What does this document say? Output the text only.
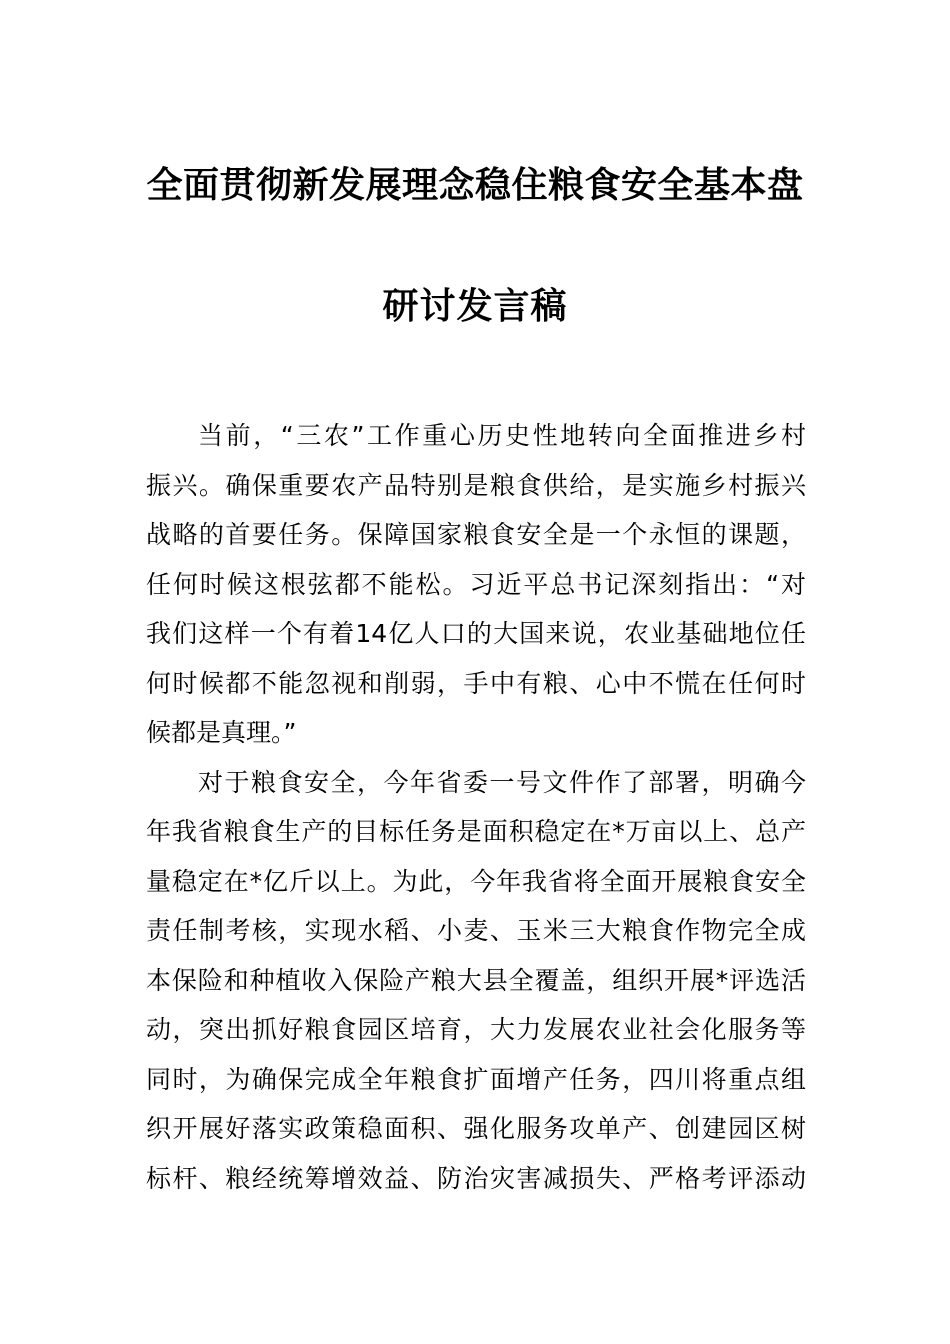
全面贯彻新发展理念稳住粮食安全基本盘
研讨发言稿
当前，“三农”工作重心历史性地转向全面推进乡村
振兴。确保重要农产品特别是粮食供给，是实施乡村振兴
战略的首要任务。保障国家粮食安全是一个永恒的课题，
任何时候这根弦都不能松。习近平总书记深刻指出：“对
我们这样一个有着14亿人口的大国来说，农业基础地位任
何时候都不能忽视和削弱，手中有粮、心中不慌在任何时
候都是真理。”
对于粮食安全，今年省委一号文件作了部署，明确今
年我省粮食生产的目标任务是面积稳定在*万亩以上、总产
量稳定在*亿斤以上。为此，今年我省将全面开展粮食安全
责任制考核，实现水稻、小麦、玉米三大粮食作物完全成
本保险和种植收入保险产粮大县全覆盖，组织开展*评选活
动，突出抓好粮食园区培育，大力发展农业社会化服务等
同时，为确保完成全年粮食扩面增产任务，四川将重点组
织开展好落实政策稳面积、强化服务攻单产、创建园区树
标杆、粮经统筹增效益、防治灾害减损失、严格考评添动
